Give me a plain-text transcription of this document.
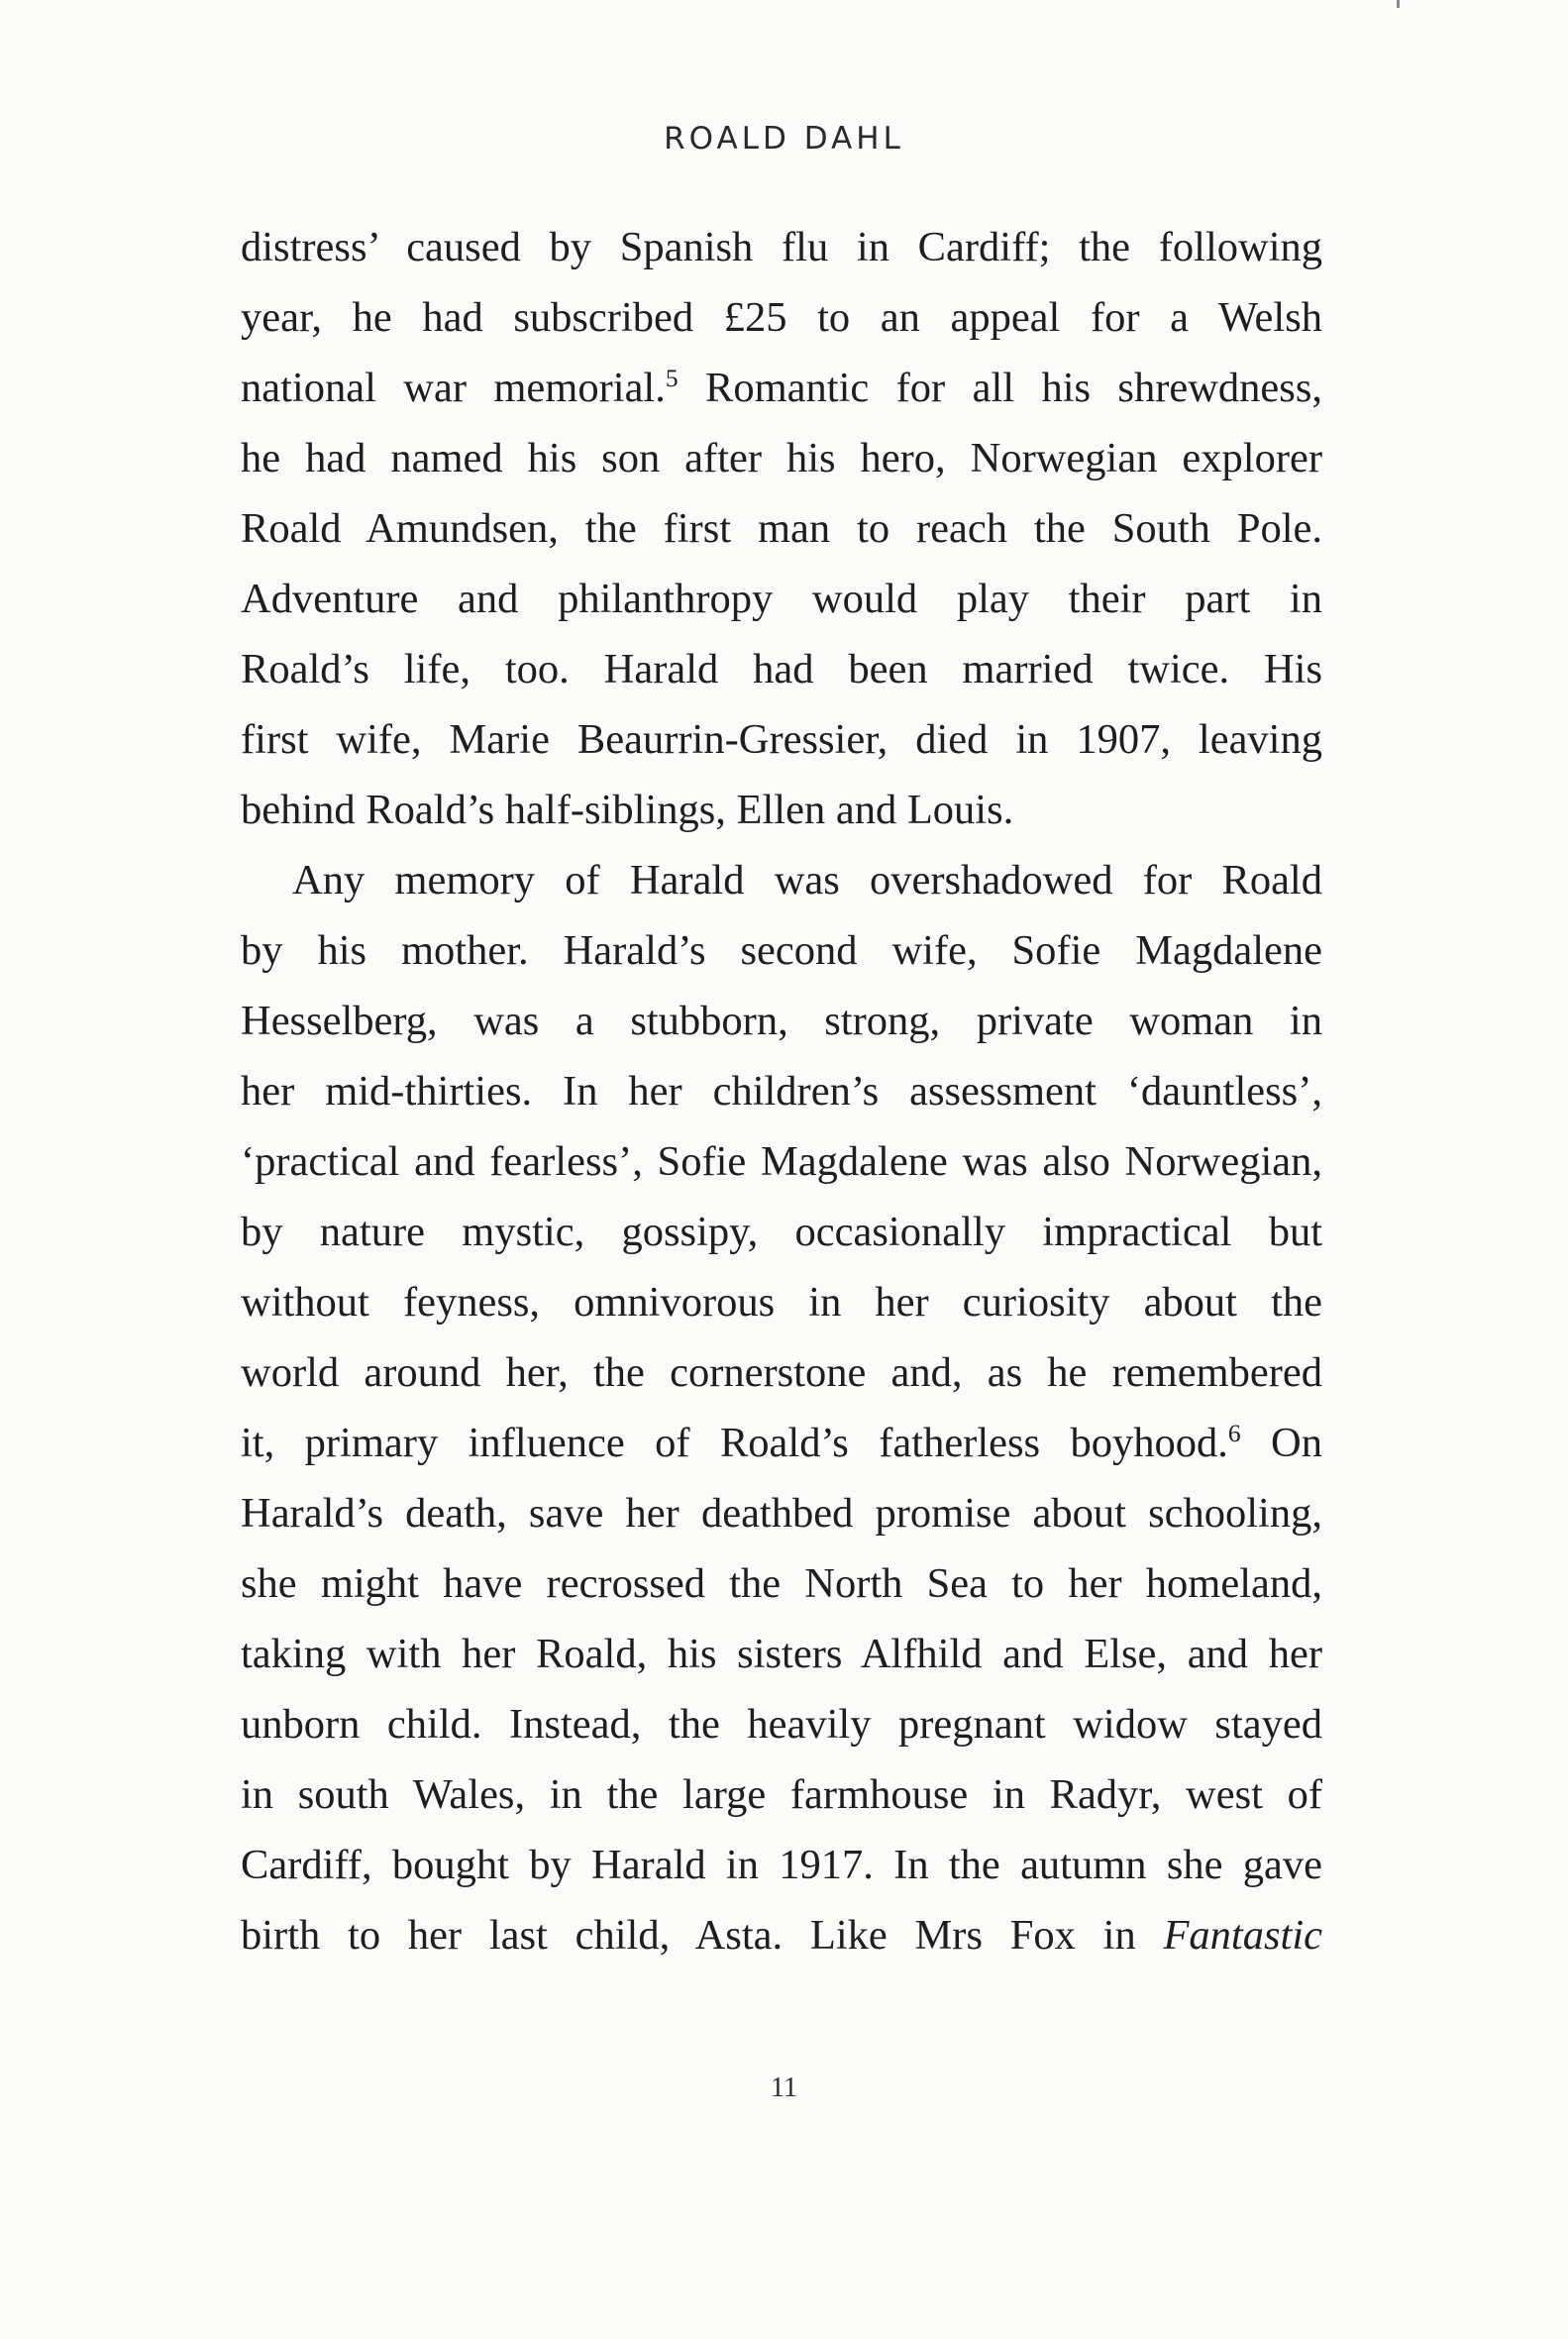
ROALD DAHL
distress’ caused by Spanish flu in Cardiff; the following
year, he had subscribed £25 to an appeal for a Welsh
national war memorial.$^5$ Romantic for all his shrewdness,
he had named his son after his hero, Norwegian explorer
Roald Amundsen, the first man to reach the South Pole.
Adventure and philanthropy would play their part in
Roald’s life, too. Harald had been married twice. His
first wife, Marie Beaurrin-Gressier, died in 1907, leaving
behind Roald’s half-siblings, Ellen and Louis.
Any memory of Harald was overshadowed for Roald
by his mother. Harald’s second wife, Sofie Magdalene
Hesselberg, was a stubborn, strong, private woman in
her mid-thirties. In her children’s assessment ‘dauntless’,
‘practical and fearless’, Sofie Magdalene was also Norwegian,
by nature mystic, gossipy, occasionally impractical but
without feyness, omnivorous in her curiosity about the
world around her, the cornerstone and, as he remembered
it, primary influence of Roald’s fatherless boyhood.$^6$ On
Harald’s death, save her deathbed promise about schooling,
she might have recrossed the North Sea to her homeland,
taking with her Roald, his sisters Alfhild and Else, and her
unborn child. Instead, the heavily pregnant widow stayed
in south Wales, in the large farmhouse in Radyr, west of
Cardiff, bought by Harald in 1917. In the autumn she gave
birth to her last child, Asta. Like Mrs Fox in Fantastic
11
